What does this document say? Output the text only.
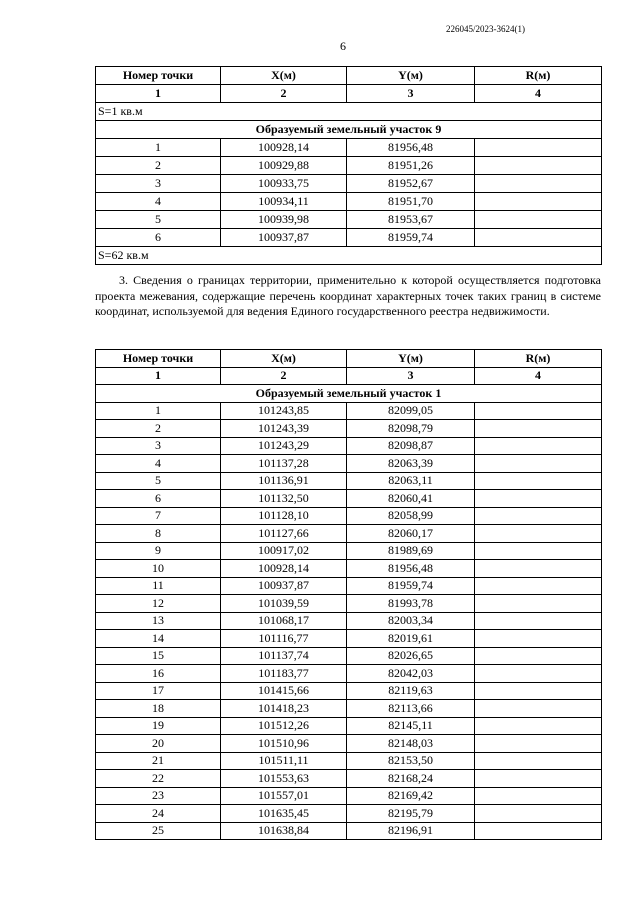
226045/2023-3624(1)
6
Номер точки	X(м)	Y(м)	R(м)
1	2	3	4
S=1 кв.м			
Образуемый земельный участок 9			
1	100928,14	81956,48	
2	100929,88	81951,26	
3	100933,75	81952,67	
4	100934,11	81951,70	
5	100939,98	81953,67	
6	100937,87	81959,74	
S=62 кв.м			
3. Сведения о границах территории, применительно к которой осуществляется подготовка проекта межевания, содержащие перечень координат характерных точек таких границ в системе координат, используемой для ведения Единого государственного реестра недвижимости.
Номер точки	X(м)	Y(м)	R(м)
1	2	3	4
Образуемый земельный участок 1			
1	101243,85	82099,05	
2	101243,39	82098,79	
3	101243,29	82098,87	
4	101137,28	82063,39	
5	101136,91	82063,11	
6	101132,50	82060,41	
7	101128,10	82058,99	
8	101127,66	82060,17	
9	100917,02	81989,69	
10	100928,14	81956,48	
11	100937,87	81959,74	
12	101039,59	81993,78	
13	101068,17	82003,34	
14	101116,77	82019,61	
15	101137,74	82026,65	
16	101183,77	82042,03	
17	101415,66	82119,63	
18	101418,23	82113,66	
19	101512,26	82145,11	
20	101510,96	82148,03	
21	101511,11	82153,50	
22	101553,63	82168,24	
23	101557,01	82169,42	
24	101635,45	82195,79	
25	101638,84	82196,91	
